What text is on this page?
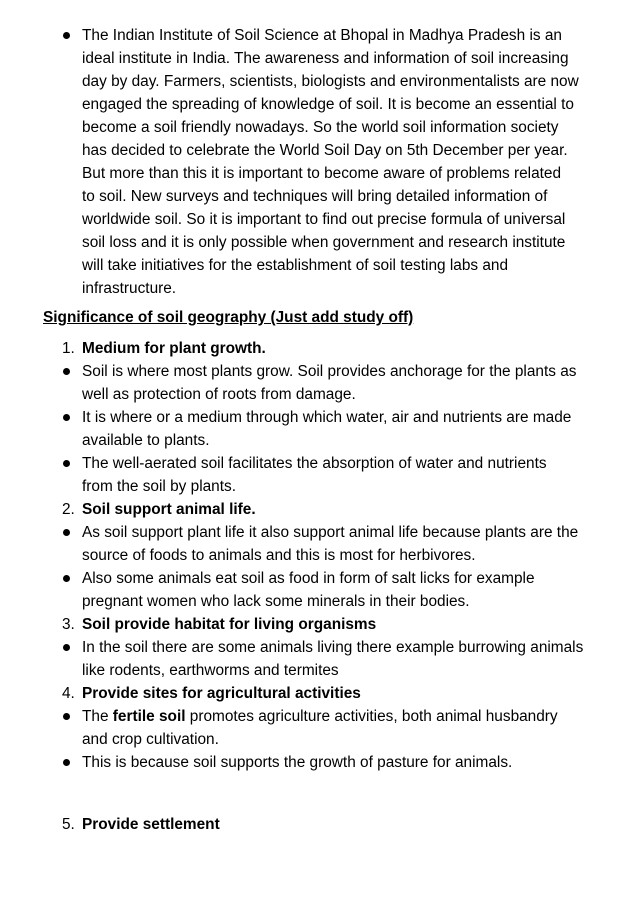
The Indian Institute of Soil Science at Bhopal in Madhya Pradesh is an
ideal institute in India. The awareness and information of soil increasing
day by day. Farmers, scientists, biologists and environmentalists are now
engaged the spreading of knowledge of soil. It is become an essential to
become a soil friendly nowadays. So the world soil information society
has decided to celebrate the World Soil Day on 5th December per year.
But more than this it is important to become aware of problems related
to soil. New surveys and techniques will bring detailed information of
worldwide soil. So it is important to find out precise formula of universal
soil loss and it is only possible when government and research institute
will take initiatives for the establishment of soil testing labs and
infrastructure.
Significance of soil geography (Just add study off)
1. Medium for plant growth.
Soil is where most plants grow. Soil provides anchorage for the plants as
well as protection of roots from damage.
It is where or a medium through which water, air and nutrients are made
available to plants.
The well-aerated soil facilitates the absorption of water and nutrients
from the soil by plants.
2. Soil support animal life.
As soil support plant life it also support animal life because plants are the
source of foods to animals and this is most for herbivores.
Also some animals eat soil as food in form of salt licks for example
pregnant women who lack some minerals in their bodies.
3. Soil provide habitat for living organisms
In the soil there are some animals living there example burrowing animals
like rodents, earthworms and termites
4. Provide sites for agricultural activities
The fertile soil promotes agriculture activities, both animal husbandry
and crop cultivation.
This is because soil supports the growth of pasture for animals.
5. Provide settlement
